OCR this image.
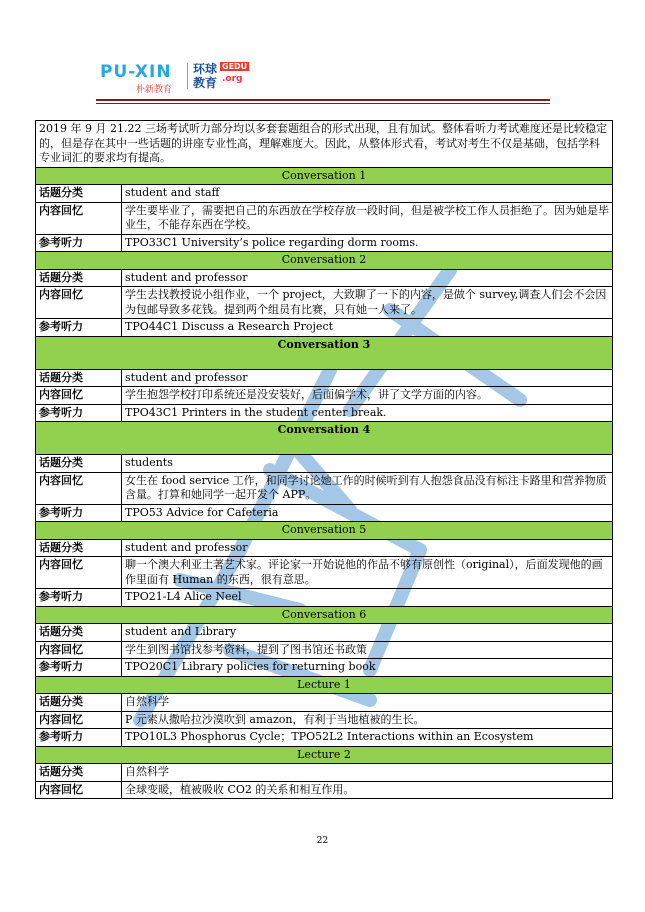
PU-XIN
朴新教育
环球
教育
GEDU
.org
2019 年 9 月 21.22 三场考试听力部分均以多套套题组合的形式出现，且有加试。整体看听力考试难度还是比较稳定的，但是存在其中一些话题的讲座专业性高，理解难度大。因此，从整体形式看，考试对考生不仅是基础，包括学科专业词汇的要求均有提高。	
Conversation 1	
话题分类	student and staff
内容回忆	学生要毕业了，需要把自己的东西放在学校存放一段时间，但是被学校工作人员拒绝了。因为她是毕业生，不能存东西在学校。
参考听力	TPO33C1 University’s police regarding dorm rooms.
Conversation 2	
话题分类	student and professor
内容回忆	学生去找教授说小组作业，一个 project，大致聊了一下的内容，是做个 survey,调查人们会不会因为包邮导致多花钱。提到两个组员有比赛，只有她一人来了。
参考听力	TPO44C1 Discuss a Research Project
Conversation 3	
话题分类	student and professor
内容回忆	学生抱怨学校打印系统还是没安装好，后面偏学术，讲了文学方面的内容。
参考听力	TPO43C1 Printers in the student center break.
Conversation 4	
话题分类	students
内容回忆	女生在 food service 工作，和同学讨论她工作的时候听到有人抱怨食品没有标注卡路里和营养物质含量。打算和她同学一起开发个 APP。
参考听力	TPO53 Advice for Cafeteria
Conversation 5	
话题分类	student and professor
内容回忆	聊一个澳大利亚土著艺术家。评论家一开始说他的作品不够有原创性（original），后面发现他的画作里面有 Human 的东西，很有意思。
参考听力	TPO21-L4 Alice Neel
Conversation 6	
话题分类	student and Library
内容回忆	学生到图书馆找参考资料，提到了图书馆还书政策
参考听力	TPO20C1 Library policies for returning book
Lecture 1	
话题分类	自然科学
内容回忆	P 元素从撒哈拉沙漠吹到 amazon，有利于当地植被的生长。
参考听力	TPO10L3 Phosphorus Cycle；TPO52L2 Interactions within an Ecosystem
Lecture 2	
话题分类	自然科学
内容回忆	全球变暖，植被吸收 CO2 的关系和相互作用。
22
